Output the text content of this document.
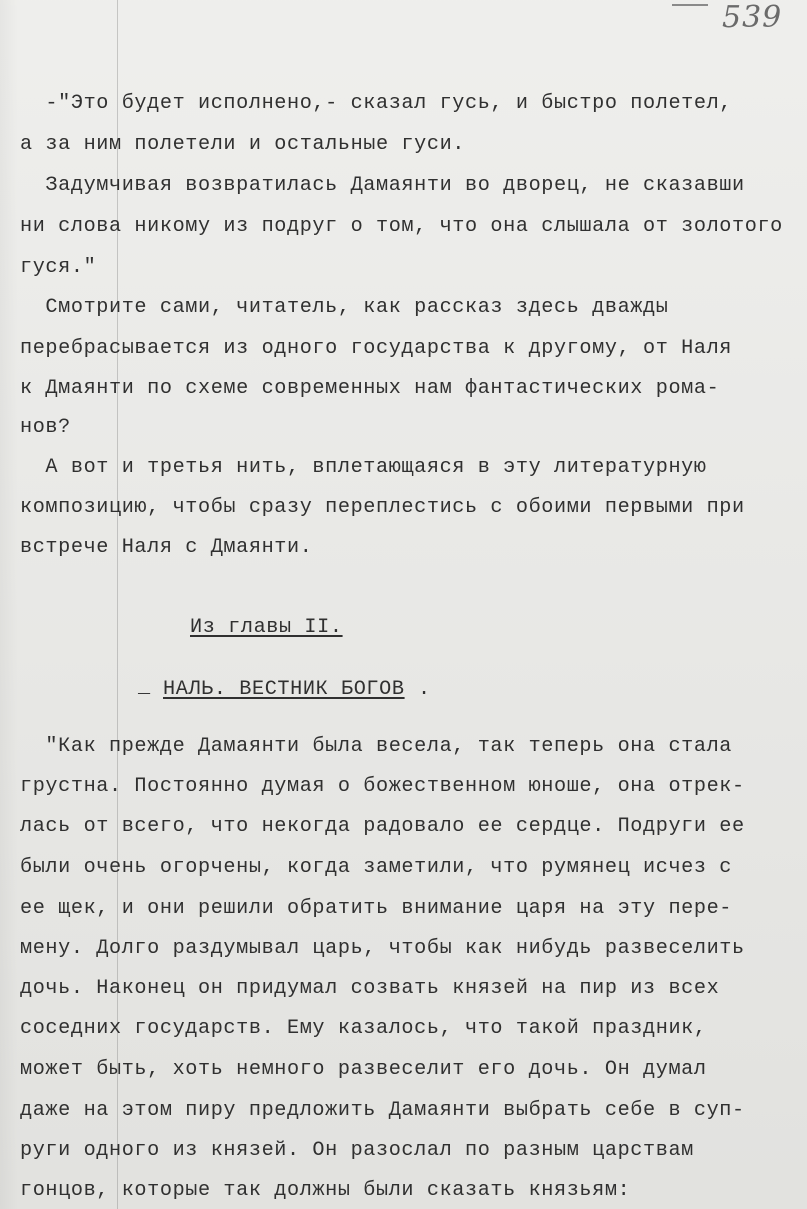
539
-"Это будет исполнено,- сказал гусь, и быстро полетел,
а за ним полетели и остальные гуси.
Задумчивая возвратилась Дамаянти во дворец, не сказавши
ни слова никому из подруг о том, что она слышала от золотого
гуся."
Смотрите сами, читатель, как рассказ здесь дважды
перебрасывается из одного государства к другому, от Наля
к Дмаянти по схеме современных нам фантастических рома-
нов?
А вот и третья нить, вплетающаяся в эту литературную
композицию, чтобы сразу переплестись с обоими первыми при
встрече Наля с Дмаянти.
Из главы II.
_ НАЛЬ. ВЕСТНИК БОГОВ .
"Как прежде Дамаянти была весела, так теперь она стала
грустна. Постоянно думая о божественном юноше, она отрек-
лась от всего, что некогда радовало ее сердце. Подруги ее
были очень огорчены, когда заметили, что румянец исчез с
ее щек, и они решили обратить внимание царя на эту пере-
мену. Долго раздумывал царь, чтобы как нибудь развеселить
дочь. Наконец он придумал созвать князей на пир из всех
соседних государств. Ему казалось, что такой праздник,
может быть, хоть немного развеселит его дочь. Он думал
даже на этом пиру предложить Дамаянти выбрать себе в суп-
руги одного из князей. Он разослал по разным царствам
гонцов, которые так должны были сказать князьям:
